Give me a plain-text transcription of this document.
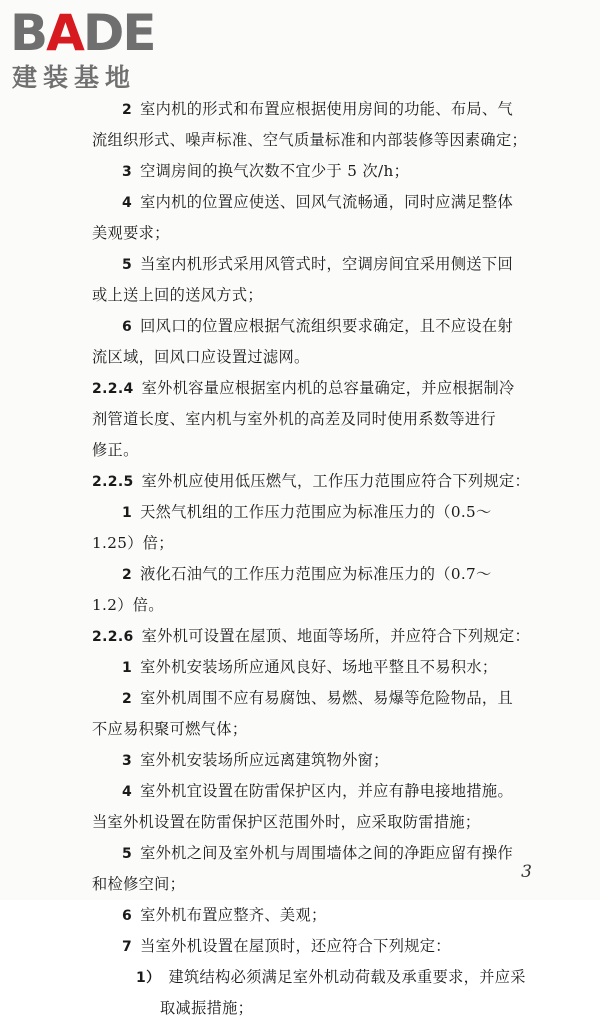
BADE
建装基地
2 室内机的形式和布置应根据使用房间的功能、布局、气
流组织形式、噪声标准、空气质量标准和内部装修等因素确定；
3 空调房间的换气次数不宜少于 5 次/h；
4 室内机的位置应使送、回风气流畅通，同时应满足整体
美观要求；
5 当室内机形式采用风管式时，空调房间宜采用侧送下回
或上送上回的送风方式；
6 回风口的位置应根据气流组织要求确定，且不应设在射
流区域，回风口应设置过滤网。
2.2.4 室外机容量应根据室内机的总容量确定，并应根据制冷
剂管道长度、室内机与室外机的高差及同时使用系数等进行
修正。
2.2.5 室外机应使用低压燃气，工作压力范围应符合下列规定：
1 天然气机组的工作压力范围应为标准压力的（0.5～
1.25）倍；
2 液化石油气的工作压力范围应为标准压力的（0.7～
1.2）倍。
2.2.6 室外机可设置在屋顶、地面等场所，并应符合下列规定：
1 室外机安装场所应通风良好、场地平整且不易积水；
2 室外机周围不应有易腐蚀、易燃、易爆等危险物品，且
不应易积聚可燃气体；
3 室外机安装场所应远离建筑物外窗；
4 室外机宜设置在防雷保护区内，并应有静电接地措施。
当室外机设置在防雷保护区范围外时，应采取防雷措施；
5 室外机之间及室外机与周围墙体之间的净距应留有操作
和检修空间；
6 室外机布置应整齐、美观；
7 当室外机设置在屋顶时，还应符合下列规定：
1） 建筑结构必须满足室外机动荷载及承重要求，并应采
取减振措施；
3
